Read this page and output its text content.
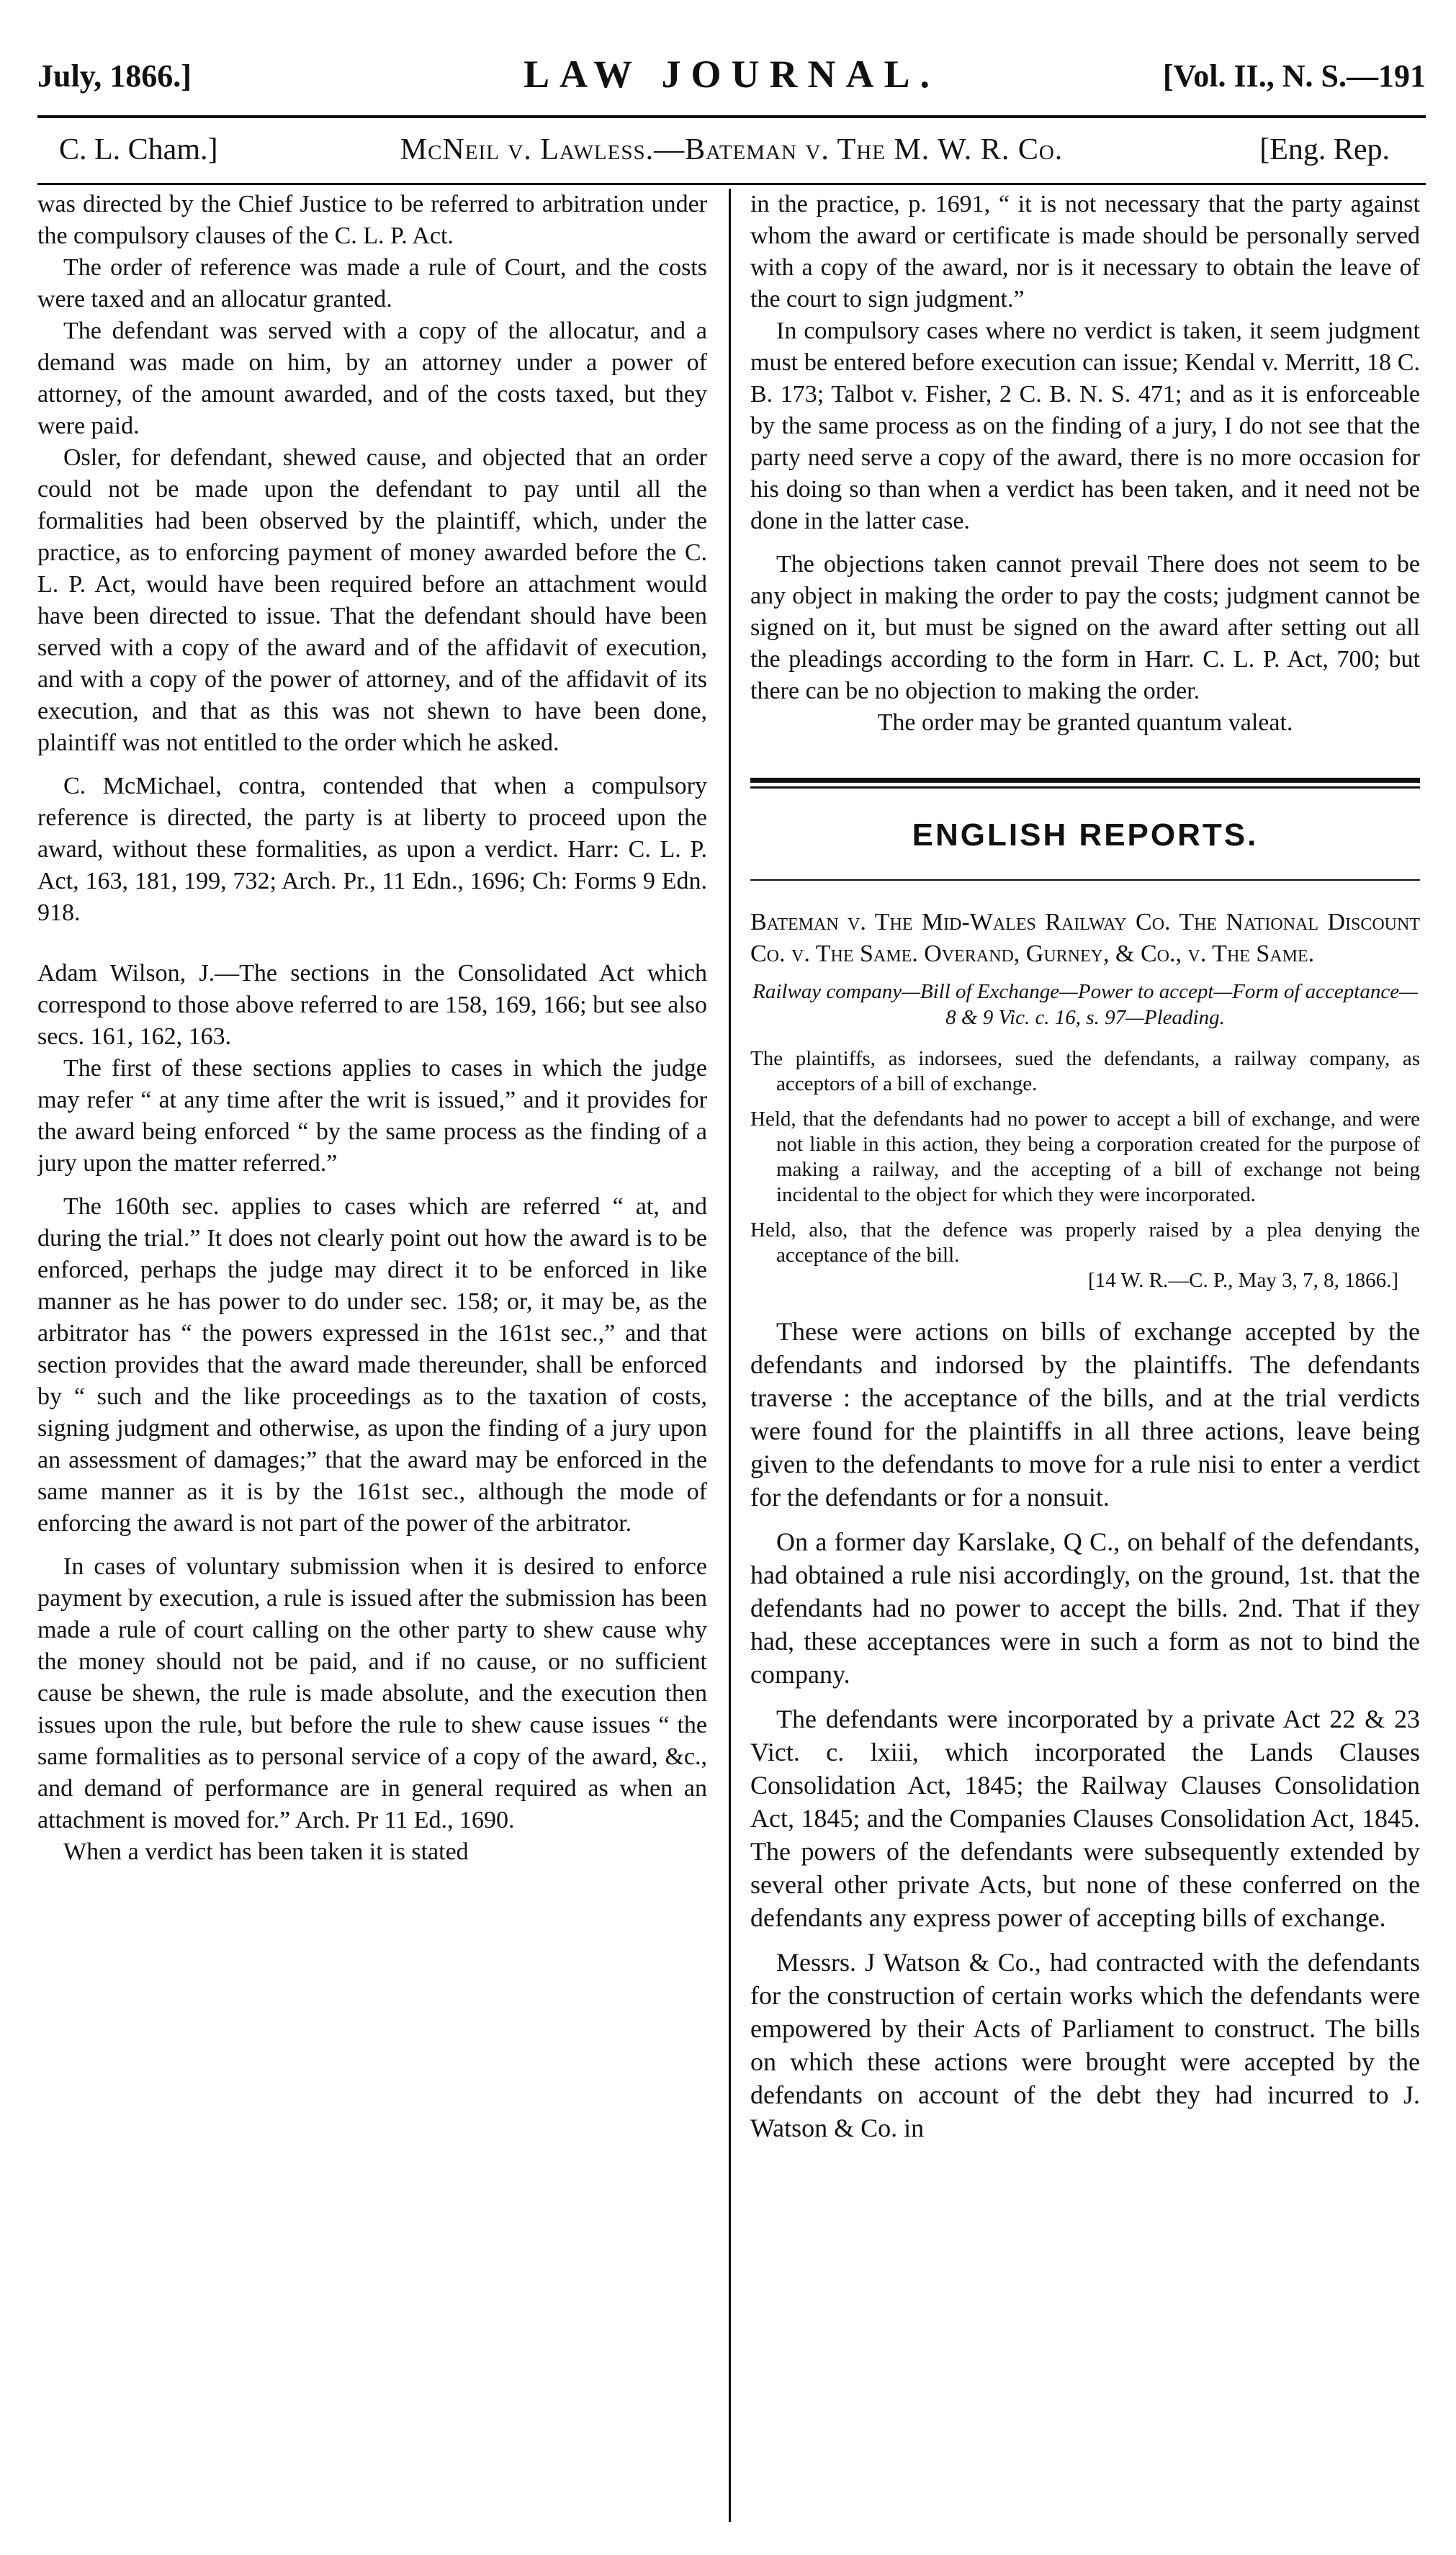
July, 1866.]	LAW JOURNAL.	[Vol. II., N. S.—191
C. L. Cham.]	McNeil v. Lawless.—Bateman v. The M. W. R. Co.	[Eng. Rep.

was directed by the Chief Justice to be referred to arbitration under the compulsory clauses of the C. L. P. Act.

The order of reference was made a rule of Court, and the costs were taxed and an allocatur granted.

The defendant was served with a copy of the allocatur, and a demand was made on him, by an attorney under a power of attorney, of the amount awarded, and of the costs taxed, but they were paid.

Osler, for defendant, shewed cause, and objected that an order could not be made upon the defendant to pay until all the formalities had been observed by the plaintiff, which, under the practice, as to enforcing payment of money awarded before the C. L. P. Act, would have been required before an attachment would have been directed to issue. That the defendant should have been served with a copy of the award and of the affidavit of execution, and with a copy of the power of attorney, and of the affidavit of its execution, and that as this was not shewn to have been done, plaintiff was not entitled to the order which he asked.

C. McMichael, contra, contended that when a compulsory reference is directed, the party is at liberty to proceed upon the award, without these formalities, as upon a verdict. Harr: C. L. P. Act, 163, 181, 199, 732; Arch. Pr., 11 Edn., 1696; Ch: Forms 9 Edn. 918.

Adam Wilson, J.—The sections in the Consolidated Act which correspond to those above referred to are 158, 169, 166; but see also secs. 161, 162, 163.

The first of these sections applies to cases in which the judge may refer “ at any time after the writ is issued,” and it provides for the award being enforced “ by the same process as the finding of a jury upon the matter referred.”

The 160th sec. applies to cases which are referred “ at, and during the trial.” It does not clearly point out how the award is to be enforced, perhaps the judge may direct it to be enforced in like manner as he has power to do under sec. 158; or, it may be, as the arbitrator has “ the powers expressed in the 161st sec.,” and that section provides that the award made thereunder, shall be enforced by “ such and the like proceedings as to the taxation of costs, signing judgment and otherwise, as upon the finding of a jury upon an assessment of damages;” that the award may be enforced in the same manner as it is by the 161st sec., although the mode of enforcing the award is not part of the power of the arbitrator.

In cases of voluntary submission when it is desired to enforce payment by execution, a rule is issued after the submission has been made a rule of court calling on the other party to shew cause why the money should not be paid, and if no cause, or no sufficient cause be shewn, the rule is made absolute, and the execution then issues upon the rule, but before the rule to shew cause issues “ the same formalities as to personal service of a copy of the award, &c., and demand of performance are in general required as when an attachment is moved for.” Arch. Pr 11 Ed., 1690.

When a verdict has been taken it is stated

in the practice, p. 1691, “ it is not necessary that the party against whom the award or certificate is made should be personally served with a copy of the award, nor is it necessary to obtain the leave of the court to sign judgment.”

In compulsory cases where no verdict is taken, it seem judgment must be entered before execution can issue; Kendal v. Merritt, 18 C. B. 173; Talbot v. Fisher, 2 C. B. N. S. 471; and as it is enforceable by the same process as on the finding of a jury, I do not see that the party need serve a copy of the award, there is no more occasion for his doing so than when a verdict has been taken, and it need not be done in the latter case.

The objections taken cannot prevail There does not seem to be any object in making the order to pay the costs; judgment cannot be signed on it, but must be signed on the award after setting out all the pleadings according to the form in Harr. C. L. P. Act, 700; but there can be no objection to making the order.

The order may be granted quantum valeat.

ENGLISH REPORTS.
Bateman v. The Mid-Wales Railway Co. The National Discount Co. v. The Same. Overand, Gurney, & Co., v. The Same.
Railway company—Bill of Exchange—Power to accept—Form of acceptance—8 & 9 Vic. c. 16, s. 97—Pleading.
The plaintiffs, as indorsees, sued the defendants, a railway company, as acceptors of a bill of exchange.
Held, that the defendants had no power to accept a bill of exchange, and were not liable in this action, they being a corporation created for the purpose of making a railway, and the accepting of a bill of exchange not being incidental to the object for which they were incorporated.
Held, also, that the defence was properly raised by a plea denying the acceptance of the bill.
[14 W. R.—C. P., May 3, 7, 8, 1866.]

These were actions on bills of exchange accepted by the defendants and indorsed by the plaintiffs. The defendants traverse : the acceptance of the bills, and at the trial verdicts were found for the plaintiffs in all three actions, leave being given to the defendants to move for a rule nisi to enter a verdict for the defendants or for a nonsuit.

On a former day Karslake, Q C., on behalf of the defendants, had obtained a rule nisi accordingly, on the ground, 1st. that the defendants had no power to accept the bills. 2nd. That if they had, these acceptances were in such a form as not to bind the company.

The defendants were incorporated by a private Act 22 & 23 Vict. c. lxiii, which incorporated the Lands Clauses Consolidation Act, 1845; the Railway Clauses Consolidation Act, 1845; and the Companies Clauses Consolidation Act, 1845. The powers of the defendants were subsequently extended by several other private Acts, but none of these conferred on the defendants any express power of accepting bills of exchange.

Messrs. J Watson & Co., had contracted with the defendants for the construction of certain works which the defendants were empowered by their Acts of Parliament to construct. The bills on which these actions were brought were accepted by the defendants on account of the debt they had incurred to J. Watson & Co. in
